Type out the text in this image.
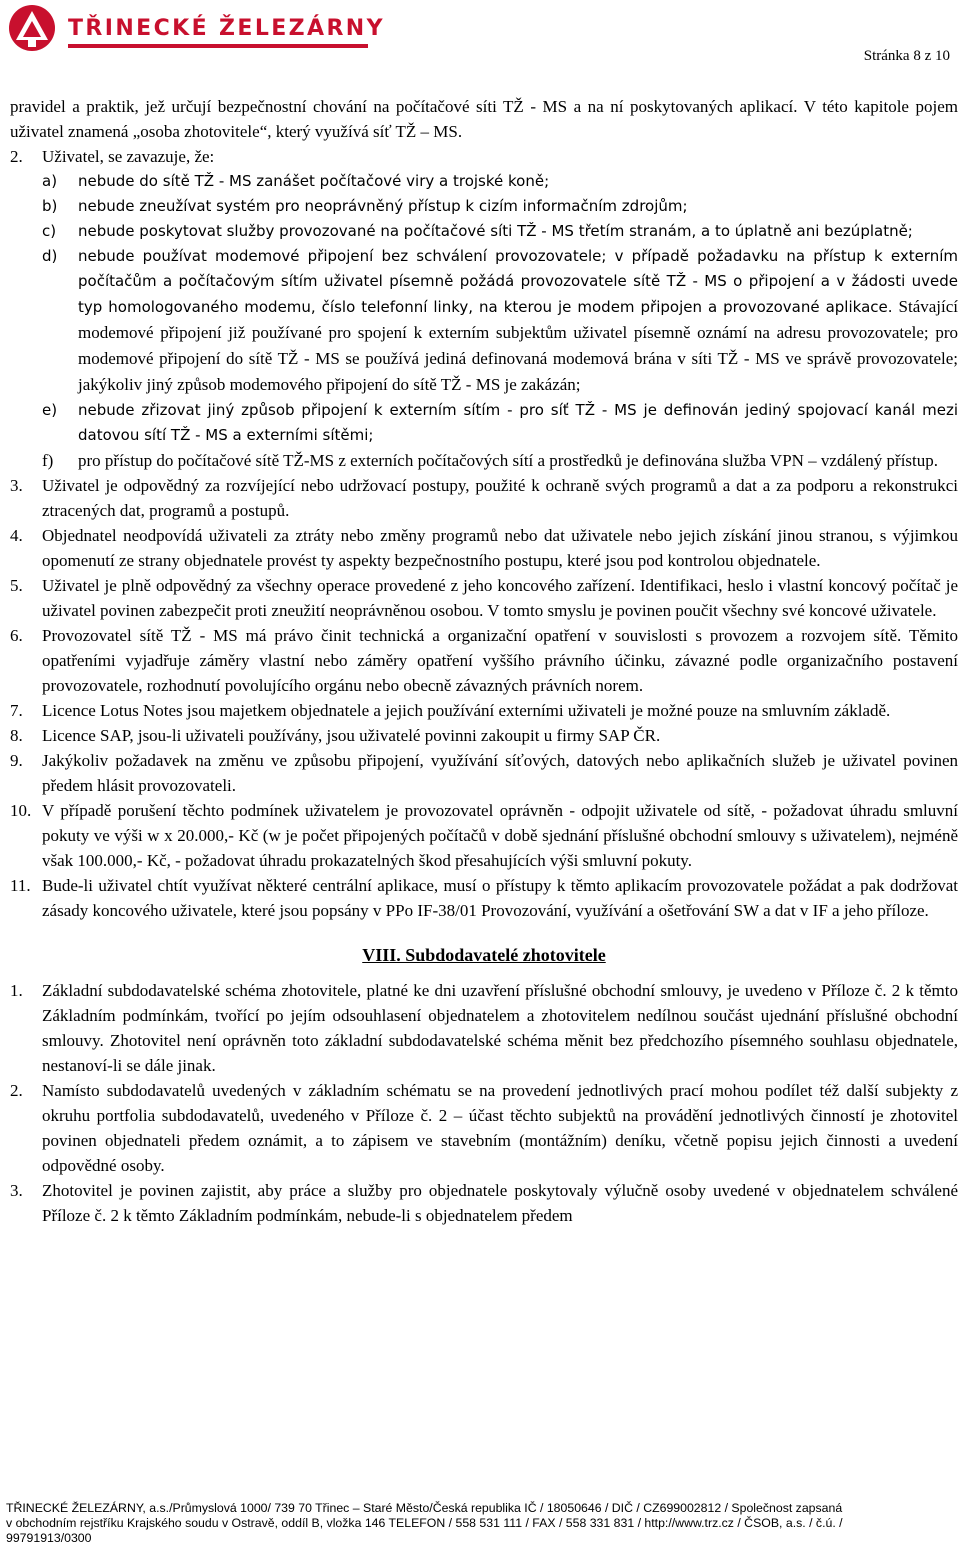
TŘINECKÉ ŽELEZÁRNY
Stránka 8 z 10

pravidel a praktik, jež určují bezpečnostní chování na počítačové síti TŽ - MS a na ní poskytovaných aplikací. V této kapitole pojem uživatel znamená „osoba zhotovitele“, který využívá síť TŽ – MS.

2. Uživatel, se zavazuje, že:
a) nebude do sítě TŽ - MS zanášet počítačové viry a trojské koně;
b) nebude zneužívat systém pro neoprávněný přístup k cizím informačním zdrojům;
c) nebude poskytovat služby provozované na počítačové síti TŽ - MS třetím stranám, a to úplatně ani bezúplatně;
d) nebude používat modemové připojení bez schválení provozovatele; v případě požadavku na přístup k externím počítačům a počítačovým sítím uživatel písemně požádá provozovatele sítě TŽ - MS o připojení a v žádosti uvede typ homologovaného modemu, číslo telefonní linky, na kterou je modem připojen a provozované aplikace. Stávající modemové připojení již používané pro spojení k externím subjektům uživatel písemně oznámí na adresu provozovatele; pro modemové připojení do sítě TŽ - MS se používá jediná definovaná modemová brána v síti TŽ - MS ve správě provozovatele; jakýkoliv jiný způsob modemového připojení do sítě TŽ - MS je zakázán;
e) nebude zřizovat jiný způsob připojení k externím sítím - pro síť TŽ - MS je definován jediný spojovací kanál mezi datovou sítí TŽ - MS a externími sítěmi;
f) pro přístup do počítačové sítě TŽ-MS z externích počítačových sítí a prostředků je definována služba VPN – vzdálený přístup.
3. Uživatel je odpovědný za rozvíjející nebo udržovací postupy, použité k ochraně svých programů a dat a za podporu a rekonstrukci ztracených dat, programů a postupů.
4. Objednatel neodpovídá uživateli za ztráty nebo změny programů nebo dat uživatele nebo jejich získání jinou stranou, s výjimkou opomenutí ze strany objednatele provést ty aspekty bezpečnostního postupu, které jsou pod kontrolou objednatele.
5. Uživatel je plně odpovědný za všechny operace provedené z jeho koncového zařízení. Identifikaci, heslo i vlastní koncový počítač je uživatel povinen zabezpečit proti zneužití neoprávněnou osobou. V tomto smyslu je povinen poučit všechny své koncové uživatele.
6. Provozovatel sítě TŽ - MS má právo činit technická a organizační opatření v souvislosti s provozem a rozvojem sítě. Těmito opatřeními vyjadřuje záměry vlastní nebo záměry opatření vyššího právního účinku, závazné podle organizačního postavení provozovatele, rozhodnutí povolujícího orgánu nebo obecně závazných právních norem.
7. Licence Lotus Notes jsou majetkem objednatele a jejich používání externími uživateli je možné pouze na smluvním základě.
8. Licence SAP, jsou-li uživateli používány, jsou uživatelé povinni zakoupit u firmy SAP ČR.
9. Jakýkoliv požadavek na změnu ve způsobu připojení, využívání síťových, datových nebo aplikačních služeb je uživatel povinen předem hlásit provozovateli.
10. V případě porušení těchto podmínek uživatelem je provozovatel oprávněn - odpojit uživatele od sítě, - požadovat úhradu smluvní pokuty ve výši w x 20.000,- Kč (w je počet připojených počítačů v době sjednání příslušné obchodní smlouvy s uživatelem), nejméně však 100.000,- Kč, - požadovat úhradu prokazatelných škod přesahujících výši smluvní pokuty.
11. Bude-li uživatel chtít využívat některé centrální aplikace, musí o přístupy k těmto aplikacím provozovatele požádat a pak dodržovat zásady koncového uživatele, které jsou popsány v PPo IF-38/01 Provozování, využívání a ošetřování SW a dat v IF a jeho příloze.
VIII. Subdodavatelé zhotovitele
1. Základní subdodavatelské schéma zhotovitele, platné ke dni uzavření příslušné obchodní smlouvy, je uvedeno v Příloze č. 2 k těmto Základním podmínkám, tvořící po jejím odsouhlasení objednatelem a zhotovitelem nedílnou součást ujednání příslušné obchodní smlouvy. Zhotovitel není oprávněn toto základní subdodavatelské schéma měnit bez předchozího písemného souhlasu objednatele, nestanoví-li se dále jinak.
2. Namísto subdodavatelů uvedených v základním schématu se na provedení jednotlivých prací mohou podílet též další subjekty z okruhu portfolia subdodavatelů, uvedeného v Příloze č. 2 – účast těchto subjektů na provádění jednotlivých činností je zhotovitel povinen objednateli předem oznámit, a to zápisem ve stavebním (montážním) deníku, včetně popisu jejich činnosti a uvedení odpovědné osoby.
3. Zhotovitel je povinen zajistit, aby práce a služby pro objednatele poskytovaly výlučně osoby uvedené v objednatelem schválené Příloze č. 2 k těmto Základním podmínkám, nebude-li s objednatelem předem

TŘINECKÉ ŽELEZÁRNY, a.s./Průmyslová 1000/ 739 70 Třinec – Staré Město/Česká republika IČ / 18050646 / DIČ / CZ699002812 / Společnost zapsaná

v obchodním rejstříku Krajského soudu v Ostravě, oddíl B, vložka 146 TELEFON / 558 531 111 / FAX / 558 331 831 / http://www.trz.cz / ČSOB, a.s. / č.ú. /

99791913/0300
